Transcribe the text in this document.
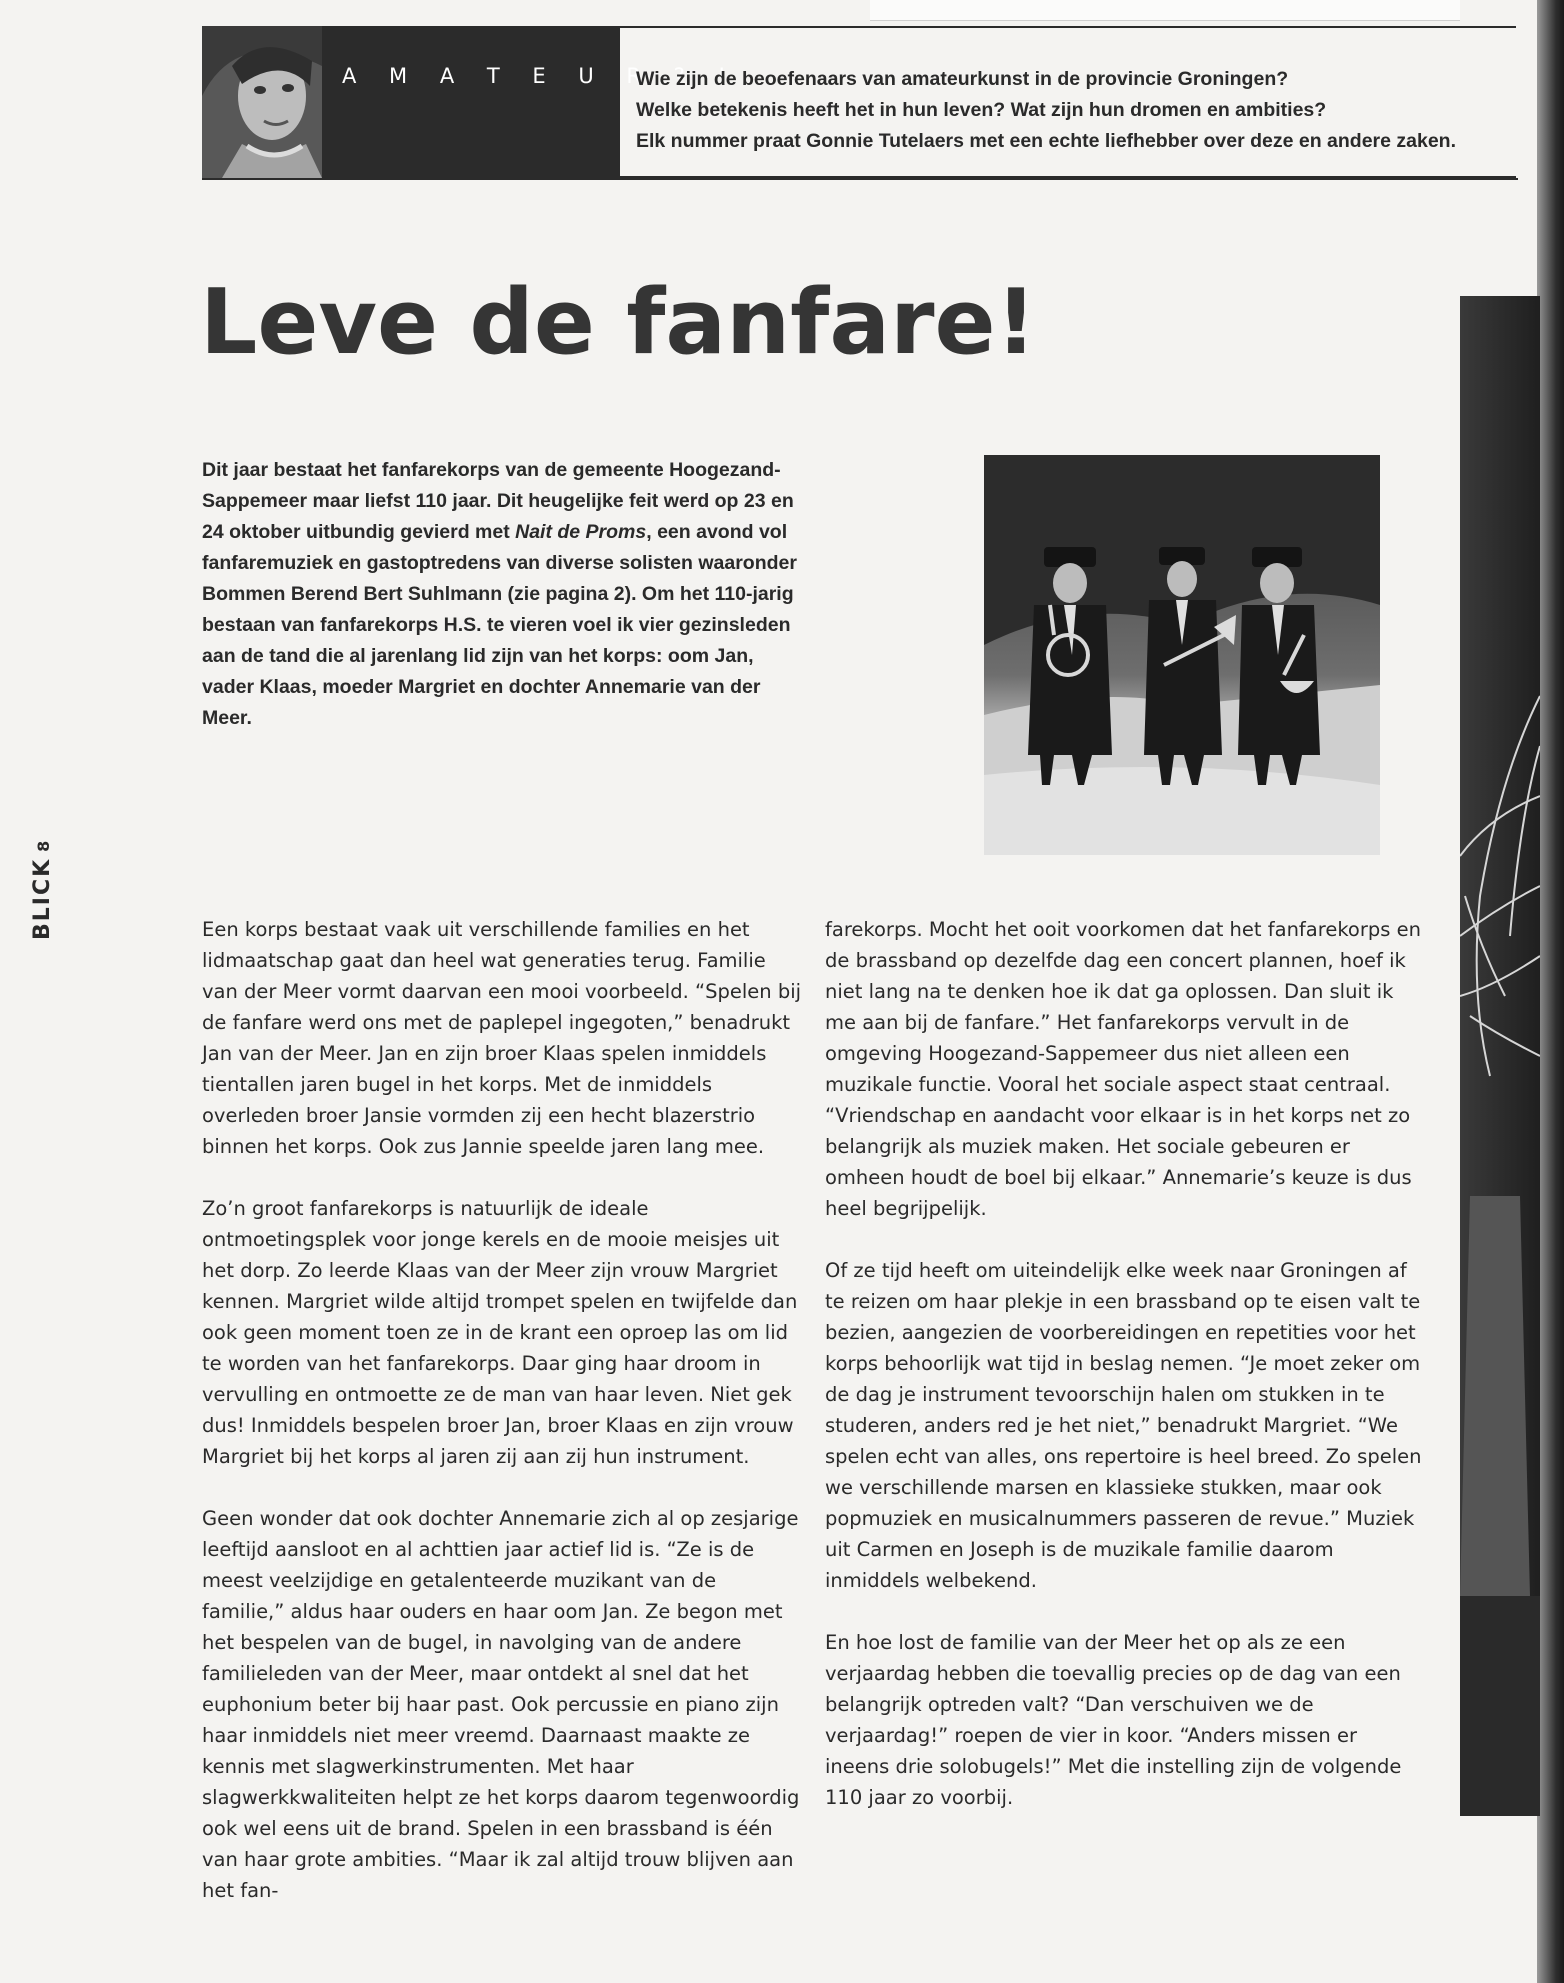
A M A T E U R ? !
Wie zijn de beoefenaars van amateurkunst in de provincie Groningen?
Welke betekenis heeft het in hun leven? Wat zijn hun dromen en ambities?
Elk nummer praat Gonnie Tutelaers met een echte liefhebber over deze en andere zaken.
Leve de fanfare!

Dit jaar bestaat het fanfarekorps van de gemeente Hoogezand-Sappemeer maar liefst 110 jaar. Dit heugelijke feit werd op 23 en 24 oktober uitbundig gevierd met Nait de Proms, een avond vol fanfaremuziek en gastoptredens van diverse solisten waaronder Bommen Berend Bert Suhlmann (zie pagina 2). Om het 110-jarig bestaan van fanfarekorps H.S. te vieren voel ik vier gezinsleden aan de tand die al jarenlang lid zijn van het korps: oom Jan, vader Klaas, moeder Margriet en dochter Annemarie van der Meer.

BLICK8

Een korps bestaat vaak uit verschillende families en het lidmaatschap gaat dan heel wat generaties terug. Familie van der Meer vormt daarvan een mooi voorbeeld. “Spelen bij de fanfare werd ons met de paplepel ingegoten,” benadrukt Jan van der Meer. Jan en zijn broer Klaas spelen inmiddels tientallen jaren bugel in het korps. Met de inmiddels overleden broer Jansie vormden zij een hecht blazerstrio binnen het korps. Ook zus Jannie speelde jaren lang mee.

Zo’n groot fanfarekorps is natuurlijk de ideale ontmoetingsplek voor jonge kerels en de mooie meisjes uit het dorp. Zo leerde Klaas van der Meer zijn vrouw Margriet kennen. Margriet wilde altijd trompet spelen en twijfelde dan ook geen moment toen ze in de krant een oproep las om lid te worden van het fanfarekorps. Daar ging haar droom in vervulling en ontmoette ze de man van haar leven. Niet gek dus! Inmiddels bespelen broer Jan, broer Klaas en zijn vrouw Margriet bij het korps al jaren zij aan zij hun instrument.

Geen wonder dat ook dochter Annemarie zich al op zesjarige leeftijd aansloot en al achttien jaar actief lid is. “Ze is de meest veelzijdige en getalenteerde muzikant van de familie,” aldus haar ouders en haar oom Jan. Ze begon met het bespelen van de bugel, in navolging van de andere familieleden van der Meer, maar ontdekt al snel dat het euphonium beter bij haar past. Ook percussie en piano zijn haar inmiddels niet meer vreemd. Daarnaast maakte ze kennis met slagwerkinstrumenten. Met haar slagwerkkwaliteiten helpt ze het korps daarom tegenwoordig ook wel eens uit de brand. Spelen in een brassband is één van haar grote ambities. “Maar ik zal altijd trouw blijven aan het fan-

farekorps. Mocht het ooit voorkomen dat het fanfarekorps en de brassband op dezelfde dag een concert plannen, hoef ik niet lang na te denken hoe ik dat ga oplossen. Dan sluit ik me aan bij de fanfare.” Het fanfarekorps vervult in de omgeving Hoogezand-Sappemeer dus niet alleen een muzikale functie. Vooral het sociale aspect staat centraal. “Vriendschap en aandacht voor elkaar is in het korps net zo belangrijk als muziek maken. Het sociale gebeuren er omheen houdt de boel bij elkaar.” Annemarie’s keuze is dus heel begrijpelijk.

Of ze tijd heeft om uiteindelijk elke week naar Groningen af te reizen om haar plekje in een brassband op te eisen valt te bezien, aangezien de voorbereidingen en repetities voor het korps behoorlijk wat tijd in beslag nemen. “Je moet zeker om de dag je instrument tevoorschijn halen om stukken in te studeren, anders red je het niet,” benadrukt Margriet. “We spelen echt van alles, ons repertoire is heel breed. Zo spelen we verschillende marsen en klassieke stukken, maar ook popmuziek en musicalnummers passeren de revue.” Muziek uit Carmen en Joseph is de muzikale familie daarom inmiddels welbekend.

En hoe lost de familie van der Meer het op als ze een verjaardag hebben die toevallig precies op de dag van een belangrijk optreden valt? “Dan verschuiven we de verjaardag!” roepen de vier in koor. “Anders missen er ineens drie solobugels!” Met die instelling zijn de volgende 110 jaar zo voorbij.
